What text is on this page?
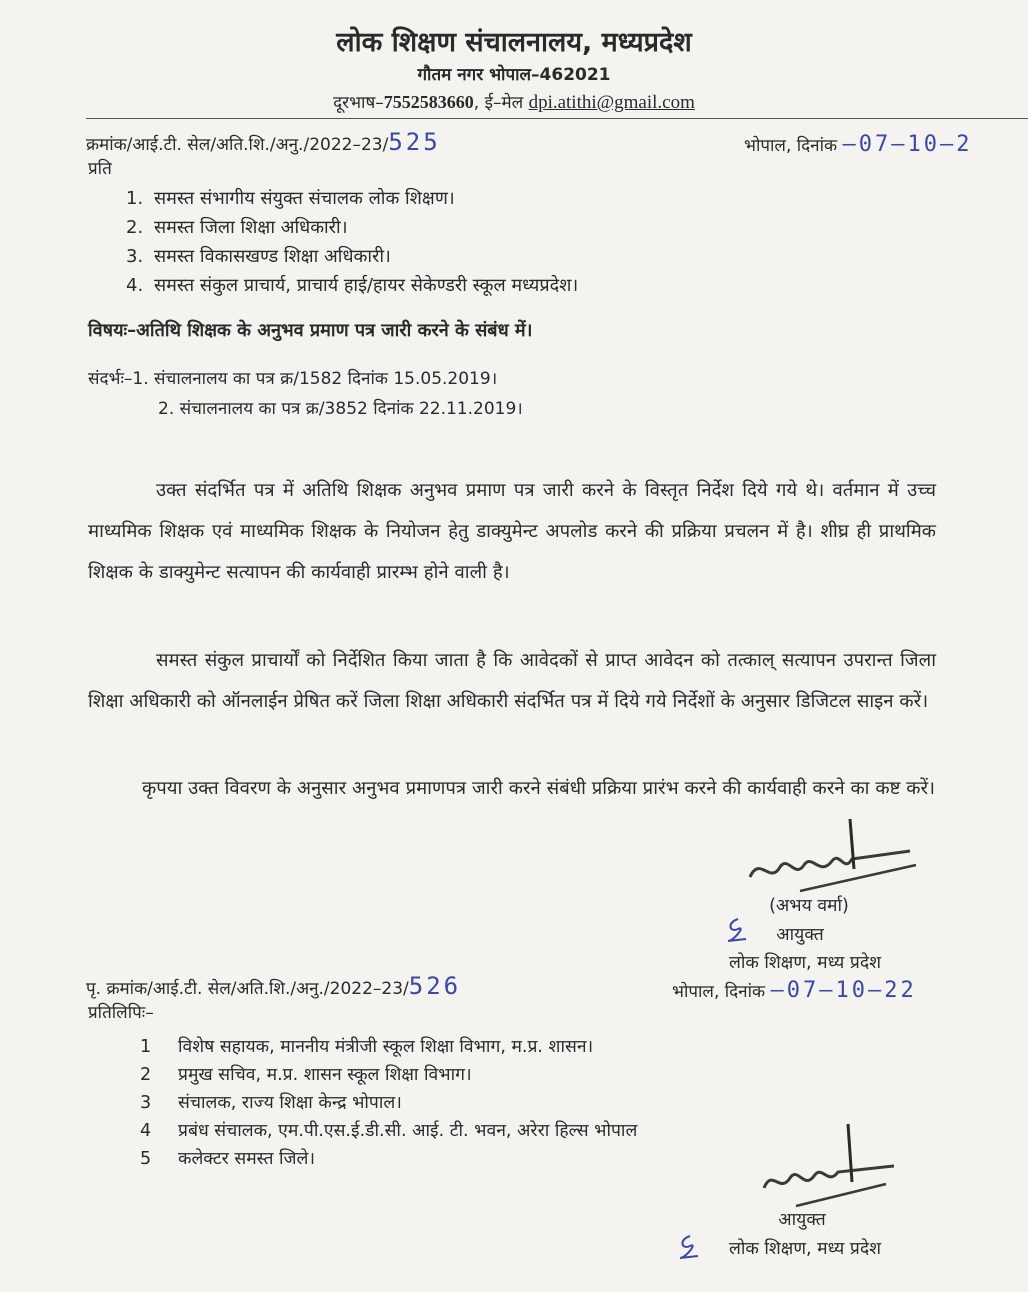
लोक शिक्षण संचालनालय, मध्यप्रदेश
गौतम नगर भोपाल–462021
दूरभाष–7552583660, ई–मेल dpi.atithi@gmail.com
क्रमांक/आई.टी. सेल/अति.शि./अनु./2022–23/525	भोपाल, दिनांक –07–10–2
प्रति
1. समस्त संभागीय संयुक्त संचालक लोक शिक्षण।
2. समस्त जिला शिक्षा अधिकारी।
3. समस्त विकासखण्ड शिक्षा अधिकारी।
4. समस्त संकुल प्राचार्य, प्राचार्य हाई/हायर सेकेण्डरी स्कूल मध्यप्रदेश।
विषयः–अतिथि शिक्षक के अनुभव प्रमाण पत्र जारी करने के संबंध में।
संदर्भः–1. संचालनालय का पत्र क्र/1582 दिनांक 15.05.2019।
2. संचालनालय का पत्र क्र/3852 दिनांक 22.11.2019।
उक्त संदर्भित पत्र में अतिथि शिक्षक अनुभव प्रमाण पत्र जारी करने के विस्तृत निर्देश दिये गये थे। वर्तमान में उच्च माध्यमिक शिक्षक एवं माध्यमिक शिक्षक के नियोजन हेतु डाक्युमेन्ट अपलोड करने की प्रक्रिया प्रचलन में है। शीघ्र ही प्राथमिक शिक्षक के डाक्युमेन्ट सत्यापन की कार्यवाही प्रारम्भ होने वाली है।
समस्त संकुल प्राचार्यों को निर्देशित किया जाता है कि आवेदकों से प्राप्त आवेदन को तत्काल् सत्यापन उपरान्त जिला शिक्षा अधिकारी को ऑनलाईन प्रेषित करें जिला शिक्षा अधिकारी संदर्भित पत्र में दिये गये निर्देशों के अनुसार डिजिटल साइन करें।
कृपया उक्त विवरण के अनुसार अनुभव प्रमाणपत्र जारी करने संबंधी प्रक्रिया प्रारंभ करने की कार्यवाही करने का कष्ट करें।
(अभय वर्मा)
आयुक्त
लोक शिक्षण, मध्य प्रदेश
पृ. क्रमांक/आई.टी. सेल/अति.शि./अनु./2022–23/526	भोपाल, दिनांक –07–10–22
प्रतिलिपिः–
1 विशेष सहायक, माननीय मंत्रीजी स्कूल शिक्षा विभाग, म.प्र. शासन।
2 प्रमुख सचिव, म.प्र. शासन स्कूल शिक्षा विभाग।
3 संचालक, राज्य शिक्षा केन्द्र भोपाल।
4 प्रबंध संचालक, एम.पी.एस.ई.डी.सी. आई. टी. भवन, अरेरा हिल्स भोपाल
5 कलेक्टर समस्त जिले।
आयुक्त
लोक शिक्षण, मध्य प्रदेश
